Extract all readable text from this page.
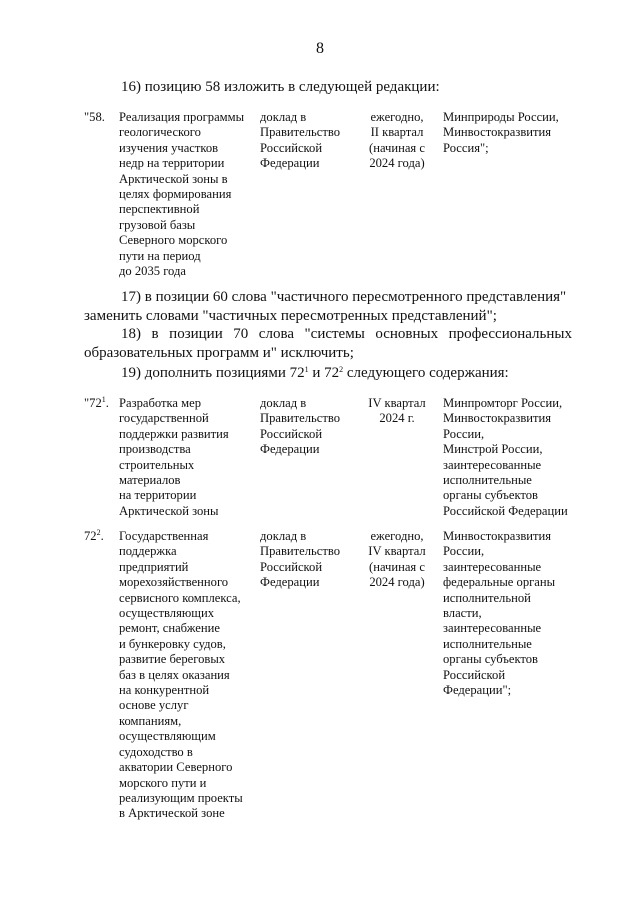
8
16) позицию 58 изложить в следующей редакции:
"58.	Реализация программы
геологического
изучения участков
недр на территории
Арктической зоны в
целях формирования
перспективной
грузовой базы
Северного морского
пути на период
до 2035 года
доклад в
Правительство
Российской
Федерации
ежегодно,
II квартал
(начиная с
2024 года)
Минприроды России,
Минвостокразвития
Россия";
17) в позиции 60 слова "частичного пересмотренного представления"
заменить словами "частичных пересмотренных представлений";
18) в позиции 70 слова "системы основных профессиональных
образовательных программ и" исключить;
19) дополнить позициями $72^1$ и $72^2$ следующего содержания:
"$72^1$. Разработка мер
государственной
поддержки развития
производства
строительных
материалов
на территории
Арктической зоны
доклад в
Правительство
Российской
Федерации
IV квартал
2024 г.
Минпромторг России,
Минвостокразвития
России,
Минстрой России,
заинтересованные
исполнительные
органы субъектов
Российской Федерации
$72^2$.	Государственная
поддержка
предприятий
морехозяйственного
сервисного комплекса,
осуществляющих
ремонт, снабжение
и бункеровку судов,
развитие береговых
баз в целях оказания
на конкурентной
основе услуг
компаниям,
осуществляющим
судоходство в
акватории Северного
морского пути и
реализующим проекты
в Арктической зоне
доклад в
Правительство
Российской
Федерации
ежегодно,
IV квартал
(начиная с
2024 года)
Минвостокразвития
России,
заинтересованные
федеральные органы
исполнительной
власти,
заинтересованные
исполнительные
органы субъектов
Российской
Федерации";
